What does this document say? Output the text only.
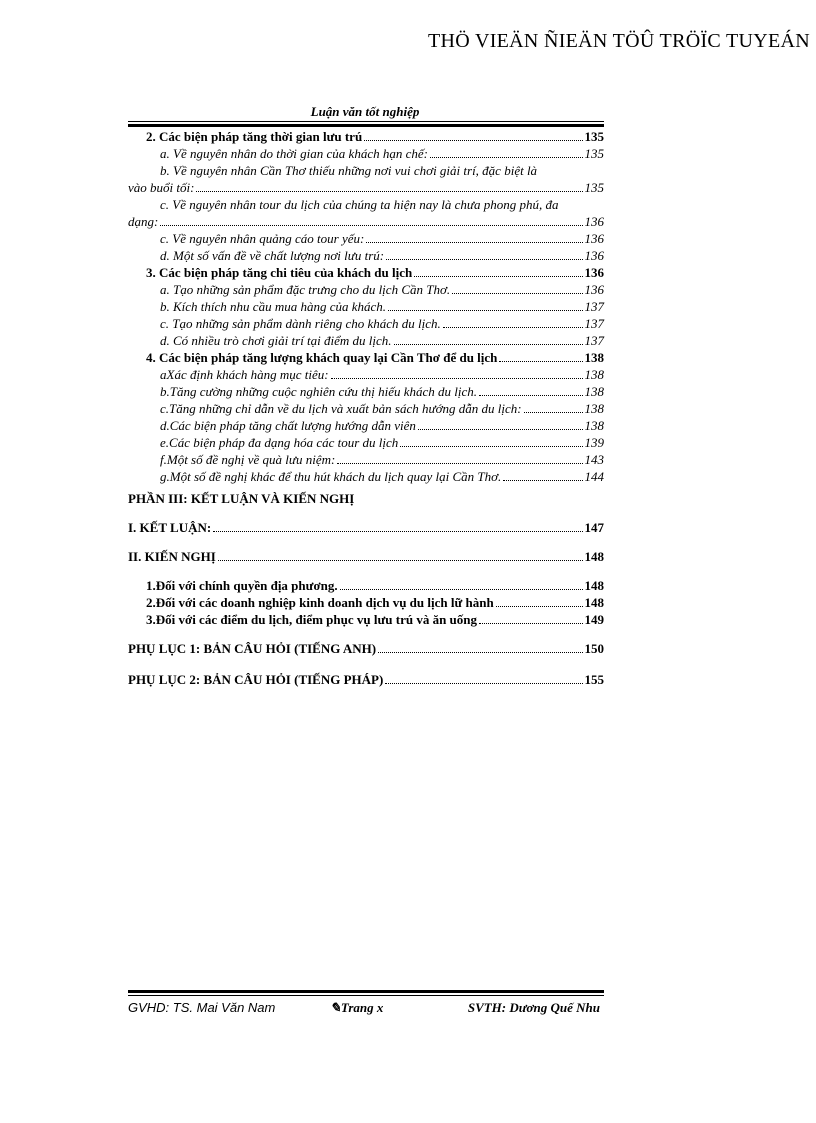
THÖ VIEÄN ÑIEÄN TÖÛ TRÖÏC TUYEÁN
Luận văn tốt nghiệp
2. Các biện pháp tăng thời gian lưu trú	135
a. Về nguyên nhân do thời gian của khách hạn chế:	135
b. Về nguyên nhân Cần Thơ thiếu những nơi vui chơi giải trí, đặc biệt là
vào buổi tối:	135
c. Về nguyên nhân tour du lịch của chúng ta hiện nay là chưa phong phú, đa
dạng:	136
c. Về nguyên nhân quảng cáo tour yếu:	136
d. Một số vấn đề về chất lượng nơi lưu trú:	136
3. Các biện pháp tăng chi tiêu của khách du lịch	136
a. Tạo những sản phẩm đặc trưng cho du lịch Cần Thơ.	136
b. Kích thích nhu cầu mua hàng của khách.	137
c. Tạo những sản phẩm dành riêng cho khách du lịch.	137
d. Có nhiều trò chơi giải trí tại điểm du lịch.	137
4. Các biện pháp tăng lượng khách quay lại Cần Thơ để du lịch	138
aXác định khách hàng mục tiêu:	138
b.Tăng cường những cuộc nghiên cứu thị hiếu khách du lịch.	138
c.Tăng những chỉ dẫn về du lịch và xuất bản sách hướng dẫn du lịch:	138
d.Các biện pháp tăng chất lượng hướng dẫn viên	138
e.Các biện pháp đa dạng hóa các tour du lịch	139
f.Một số đề nghị về quà lưu niệm:	143
g.Một số đề nghị khác để thu hút khách du lịch quay lại Cần Thơ.	144
PHẦN III: KẾT LUẬN VÀ KIẾN NGHỊ
I. KẾT LUẬN:	147
II. KIẾN NGHỊ	148
1.Đối với chính quyền địa phương.	148
2.Đối với các doanh nghiệp kinh doanh dịch vụ du lịch lữ hành	148
3.Đối với các điểm du lịch, điểm phục vụ lưu trú và ăn uống	149
PHỤ LỤC 1: BẢN CÂU HỎI (TIẾNG ANH)	150
PHỤ LỤC 2: BẢN CÂU HỎI (TIẾNG PHÁP)	155
GVHD: TS. Mai Văn Nam	✎Trang x	SVTH: Dương Quế Nhu
